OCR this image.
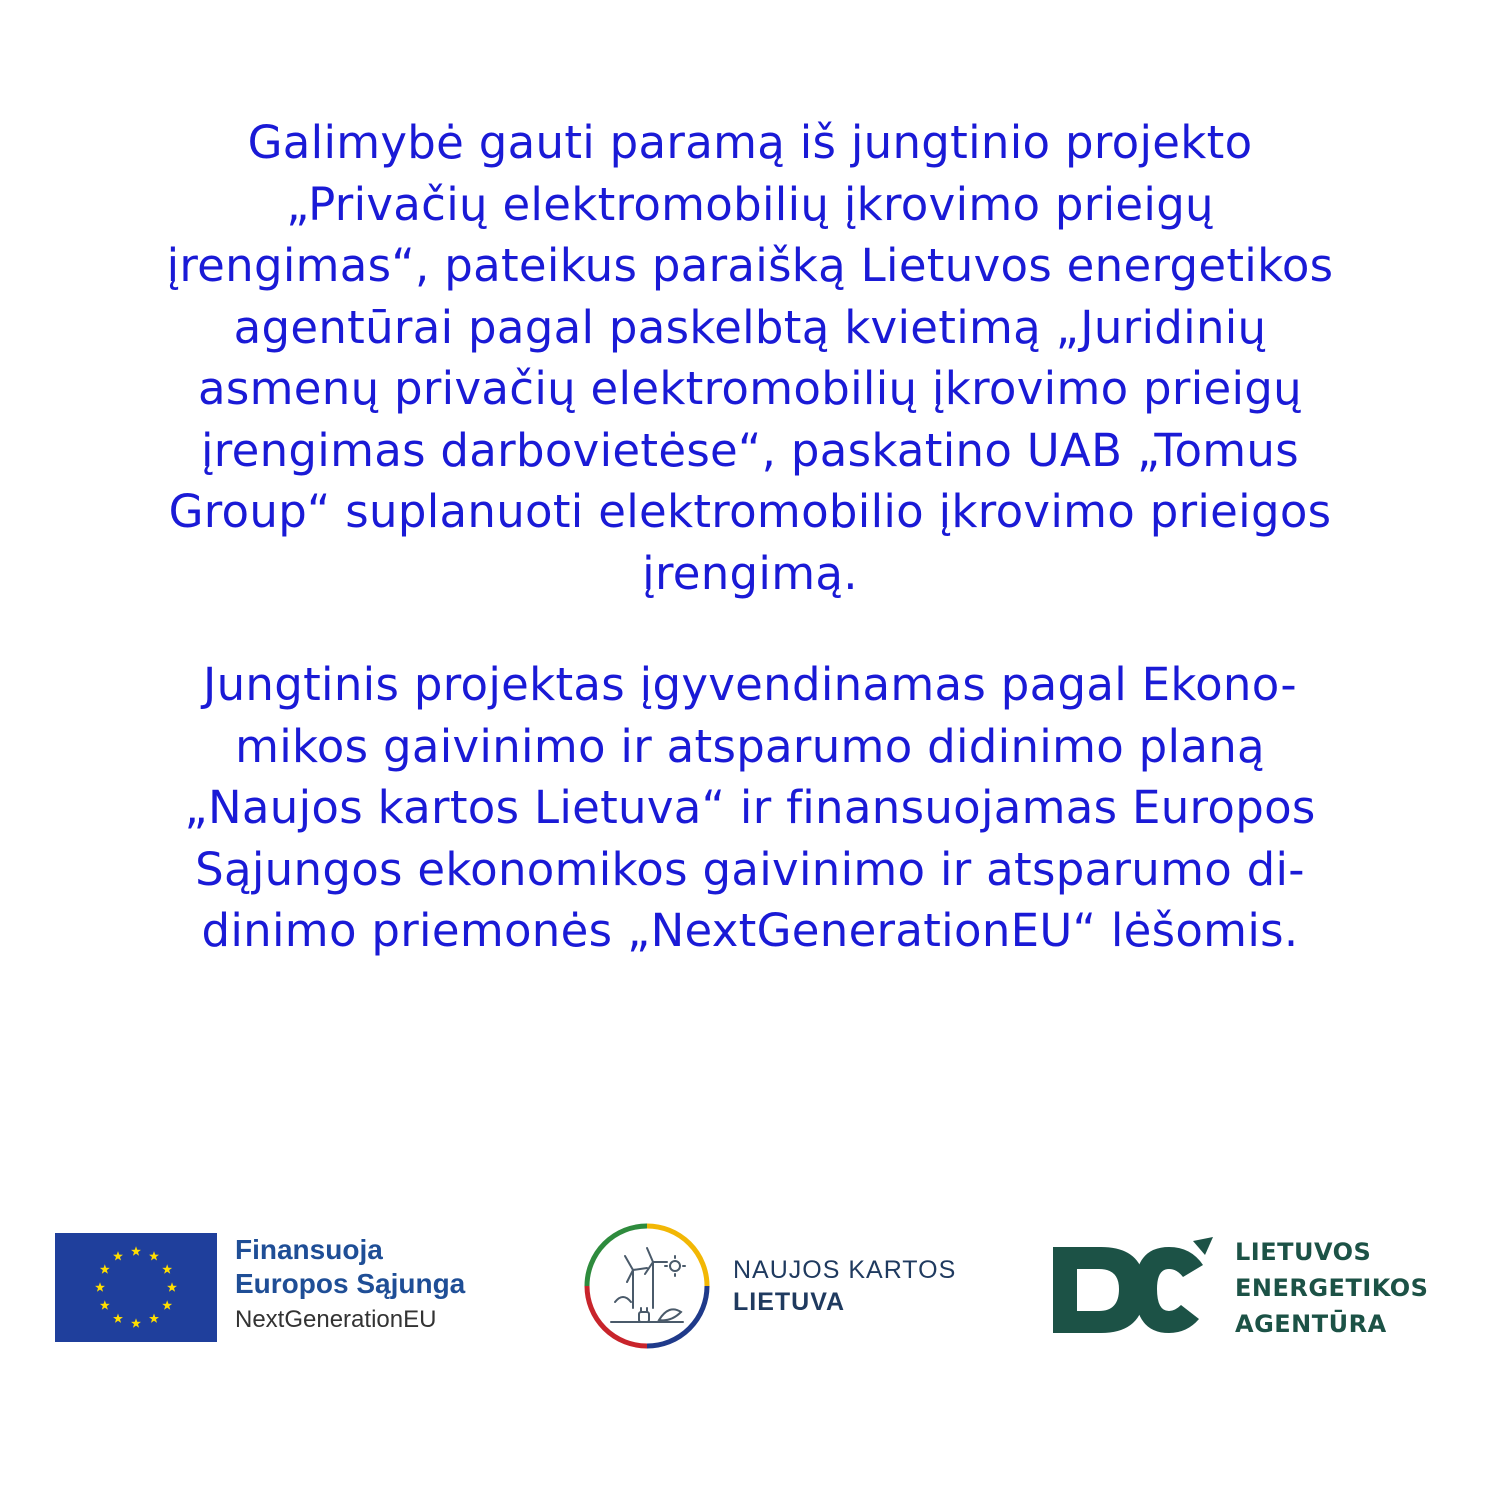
Galimybė gauti paramą iš jungtinio projekto
„Privačių elektromobilių įkrovimo prieigų
įrengimas“, pateikus paraišką Lietuvos energetikos
agentūrai pagal paskelbtą kvietimą „Juridinių
asmenų privačių elektromobilių įkrovimo prieigų
įrengimas darbovietėse“, paskatino UAB „Tomus
Group“ suplanuoti elektromobilio įkrovimo prieigos
įrengimą.
Jungtinis projektas įgyvendinamas pagal Ekono-
mikos gaivinimo ir atsparumo didinimo planą
„Naujos kartos Lietuva“ ir finansuojamas Europos
Sąjungos ekonomikos gaivinimo ir atsparumo di-
dinimo priemonės „NextGenerationEU“ lėšomis.
Finansuoja
Europos Sąjunga
NextGenerationEU
NAUJOS KARTOS
LIETUVA
LIETUVOS
ENERGETIKOS
AGENTŪRA
